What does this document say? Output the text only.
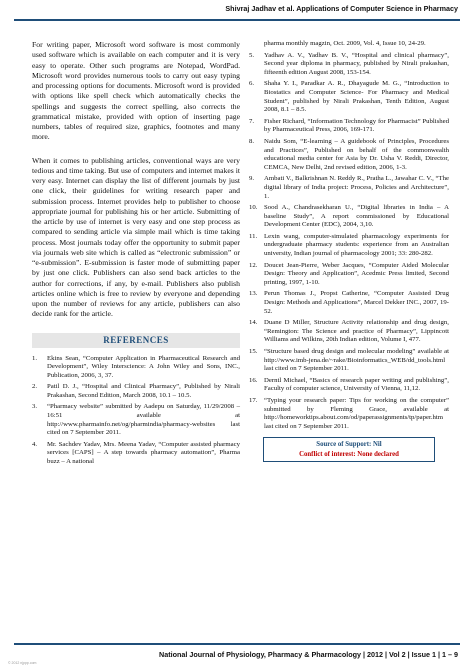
Shivraj Jadhav et al. Applications of Computer Science in Pharmacy

For writing paper, Microsoft word software is most commonly used software which is available on each computer and it is very easy to operate. Other such programs are Notepad, WordPad. Microsoft word provides numerous tools to carry out easy typing and processing options for documents. Microsoft word is provided with options like spell check which automatically checks the spellings and suggests the correct spelling, also corrects the grammatical mistake, provided with option of inserting page numbers, tables of required size, graphics, footnotes and many more.

When it comes to publishing articles, conventional ways are very tedious and time taking. But use of computers and internet makes it very easy. Internet can display the list of different journals by just one click, their guidelines for writing research paper and submission process. Internet provides help to publisher to choose appropriate journal for publishing his or her article. Submitting of the article by use of internet is very easy and one step process as compared to sending article via simple mail which is time taking process. Most journals today offer the opportunity to submit paper via journals web site which is called as “electronic submission” or “e-submission”. E-submission is faster mode of submitting paper by just one click. Publishers can also send back articles to the author for corrections, if any, by e-mail. Publishers also publish articles online which is free to review by everyone and depending upon the number of reviews for any article, publishers can also decide rank for the article.

REFERENCES
1.	Ekins Sean, “Computer Application in Pharmaceutical Research and Development”, Wiley Interscience: A John Wiley and Sons, INC., Publication, 2006, 3, 37.
2.	Patil D. J., “Hospital and Clinical Pharmacy”, Published by Nirali Prakashan, Second Edition, March 2008, 10.1 – 10.5.
3.	“Pharmacy website” submitted by Aadepu on Saturday, 11/29/2008 – 16:51 available at http://www.pharmainfo.net/og/pharmindia/pharmacy-websites last cited on 7 September 2011.
4.	Mr. Sachdev Yadav, Mrs. Meena Yadav, “Computer assisted pharmacy services [CAPS] – A step towards pharmacy automation”, Pharma buzz – A national
pharma monthly magzin, Oct. 2009, Vol. 4, Issue 10, 24-29.
5.	Yadhav A. V., Yadhav B. V., “Hospital and clinical pharmacy”, Second year diploma in pharmacy, published by Nirali prakashan, fifteenth edition August 2008, 153-154.
6.	Shaha Y. I., Paradkar A. R., Dhayagude M. G., “Introduction to Biostatics and Computer Science- For Pharmacy and Medical Student”, published by Nirali Prakashan, Tenth Edition, August 2008, 8.1 – 8.5.
7.	Fisher Richard, “Information Technology for Pharmacist” Published by Pharmaceutical Press, 2006, 169-171.
8.	Naidu Som, “E-learning – A guidebook of Principles, Procedures and Practices”, Published on behalf of the commonwealth educational media center for Asia by Dr. Usha V. Reddi, Director, CEMCA, New Delhi, 2nd revised edition, 2006, 1-3.
9.	Ambati V., Balkrishnan N. Reddy R., Pratha L., Jawahar C. V., “The digital library of India project: Process, Policies and Architecture”, 1.
10. Sood A., Chandrasekharan U., “Digital libraries in India – A baseline Study”, A report commissioned by Educational Development Center (EDC), 2004, 3,10.
11.	Lexin wang, computer-simulated pharmacology experiments for undergraduate pharmacy students: experience from an Australian university, Indian journal of pharmacology 2001; 33: 280-282.
12. Doucet Jean-Pierre, Weber Jacques, “Computer Aided Molecular Design: Theory and Application”, Acedmic Press limited, Second printing, 1997, 1-10.
13. Perun Thomas J., Propst Catherine, “Computer Assisted Drug Design: Methods and Applications”, Marcel Dekker INC., 2007, 19-52.
14. Duane D Miller, Structure Activity relationship and drug design, “Remington: The Science and practice of Pharmacy”, Lippincott Williams and Wilkins, 20th Indian edition, Volume I, 477.
15. “Structure based drug design and molecular modeling” available at http://www.imb-jena.de/~rake/Bioinformatics_WEB/dd_tools.html last cited on 7 September 2011.
16. Derntl Michael, “Basics of research paper writing and publishing”, Faculty of computer science, University of Vienna, 11,12.
17. “Typing your research paper: Tips for working on the computer” submitted by Fleming Grace, available at http://homeworktips.about.com/od/paperassignments/tp/paper.htm last cited on 7 September 2011.
Source of Support: Nil
Conflict of interest: None declared
National Journal of Physiology, Pharmacy & Pharmacology | 2012 | Vol 2 | Issue 1 | 1 – 9
© 2012 njppp.com
